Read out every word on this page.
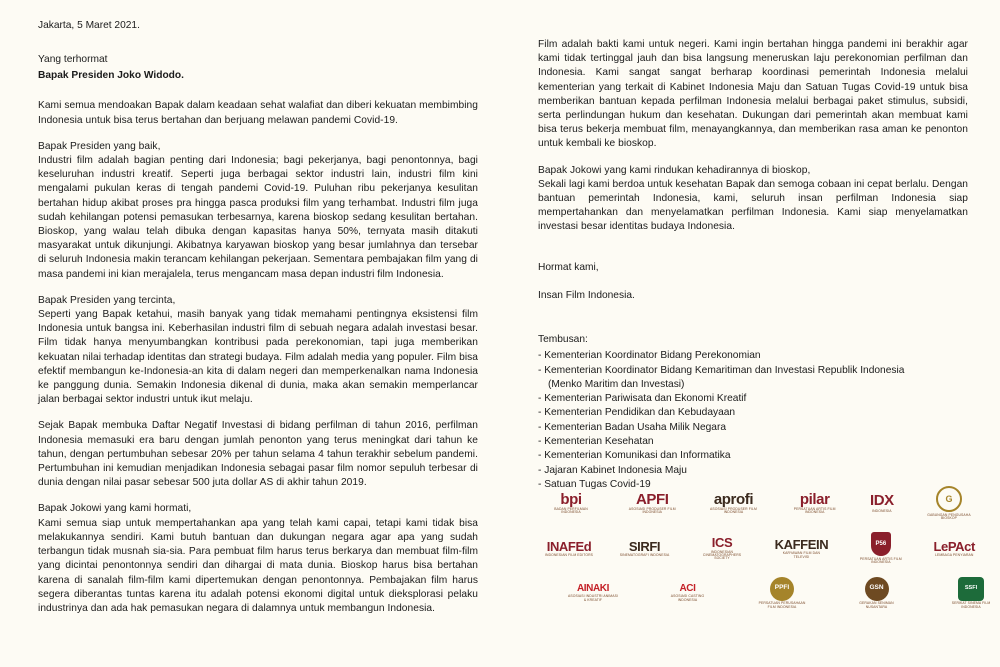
Jakarta, 5 Maret 2021.
Yang terhormat
Bapak Presiden Joko Widodo.

Kami semua mendoakan Bapak dalam keadaan sehat walafiat dan diberi kekuatan membimbing Indonesia untuk bisa terus bertahan dan berjuang melawan pandemi Covid-19.

Bapak Presiden yang baik,

Industri film adalah bagian penting dari Indonesia; bagi pekerjanya, bagi penontonnya, bagi keseluruhan industri kreatif. Seperti juga berbagai sektor industri lain, industri film kini mengalami pukulan keras di tengah pandemi Covid-19. Puluhan ribu pekerjanya kesulitan bertahan hidup akibat proses pra hingga pasca produksi film yang terhambat. Industri film juga sudah kehilangan potensi pemasukan terbesarnya, karena bioskop sedang kesulitan bertahan. Bioskop, yang walau telah dibuka dengan kapasitas hanya 50%, ternyata masih ditakuti masyarakat untuk dikunjungi. Akibatnya karyawan bioskop yang besar jumlahnya dan tersebar di seluruh Indonesia makin terancam kehilangan pekerjaan. Sementara pembajakan film yang di masa pandemi ini kian merajalela, terus mengancam masa depan industri film Indonesia.

Bapak Presiden yang tercinta,

Seperti yang Bapak ketahui, masih banyak yang tidak memahami pentingnya eksistensi film Indonesia untuk bangsa ini. Keberhasilan industri film di sebuah negara adalah investasi besar. Film tidak hanya menyumbangkan kontribusi pada perekonomian, tapi juga memberikan kekuatan nilai terhadap identitas dan strategi budaya. Film adalah media yang populer. Film bisa efektif membangun ke-Indonesia-an kita di dalam negeri dan memperkenalkan nama Indonesia ke panggung dunia. Semakin Indonesia dikenal di dunia, maka akan semakin memperlancar jalan berbagai sektor industri untuk ikut melaju.

Sejak Bapak membuka Daftar Negatif Investasi di bidang perfilman di tahun 2016, perfilman Indonesia memasuki era baru dengan jumlah penonton yang terus meningkat dari tahun ke tahun, dengan pertumbuhan sebesar 20% per tahun selama 4 tahun terakhir sebelum pandemi. Pertumbuhan ini kemudian menjadikan Indonesia sebagai pasar film nomor sepuluh terbesar di dunia dengan nilai pasar sebesar 500 juta dollar AS di akhir tahun 2019.

Bapak Jokowi yang kami hormati,

Kami semua siap untuk mempertahankan apa yang telah kami capai, tetapi kami tidak bisa melakukannya sendiri. Kami butuh bantuan dan dukungan negara agar apa yang sudah terbangun tidak musnah sia-sia. Para pembuat film harus terus berkarya dan membuat film-film yang dicintai penontonnya sendiri dan dihargai di mata dunia. Bioskop harus bisa bertahan karena di sanalah film-film kami dipertemukan dengan penontonnya. Pembajakan film harus segera diberantas tuntas karena itu adalah potensi ekonomi digital untuk dieksplorasi pelaku industrinya dan ada hak pemasukan negara di dalamnya untuk membangun Indonesia.

Film adalah bakti kami untuk negeri. Kami ingin bertahan hingga pandemi ini berakhir agar kami tidak tertinggal jauh dan bisa langsung meneruskan laju perekonomian perfilman dan Indonesia. Kami sangat sangat berharap koordinasi pemerintah Indonesia melalui kementerian yang terkait di Kabinet Indonesia Maju dan Satuan Tugas Covid-19 untuk bisa memberikan bantuan kepada perfilman Indonesia melalui berbagai paket stimulus, subsidi, serta perlindungan hukum dan kesehatan. Dukungan dari pemerintah akan membuat kami bisa terus bekerja membuat film, menayangkannya, dan memberikan rasa aman ke penonton untuk kembali ke bioskop.

Bapak Jokowi yang kami rindukan kehadirannya di bioskop,

Sekali lagi kami berdoa untuk kesehatan Bapak dan semoga cobaan ini cepat berlalu. Dengan bantuan pemerintah Indonesia, kami, seluruh insan perfilman Indonesia siap mempertahankan dan menyelamatkan perfilman Indonesia. Kami siap menyelamatkan investasi besar identitas budaya Indonesia.

Hormat kami,
Insan Film Indonesia.
Tembusan:
- Kementerian Koordinator Bidang Perekonomian
- Kementerian Koordinator Bidang Kemaritiman dan Investasi Republik Indonesia
(Menko Maritim dan Investasi)
- Kementerian Pariwisata dan Ekonomi Kreatif
- Kementerian Pendidikan dan Kebudayaan
- Kementerian Badan Usaha Milik Negara
- Kementerian Kesehatan
- Kementerian Komunikasi dan Informatika
- Jajaran Kabinet Indonesia Maju
- Satuan Tugas Covid-19
bpi
BADAN PERFILMAN INDONESIA
APFI
ASOSIASI PRODUSER FILM INDONESIA
aprofi
ASOSIASI PRODUSER FILM INDONESIA
pilar
PERSATUAN ARTIS FILM INDONESIA
IDX
INDONESIA
G
GABUNGAN PENGUSAHA BIOSKOP
INAFEd
INDONESIAN FILM EDITORS
SIRFI
SINEMATOGRAFI INDONESIA
ICS
INDONESIAN CINEMATOGRAPHERS SOCIETY
KAFFEIN
KARYAWAN FILM DAN TELEVISI
P56
PERSATUAN ARTIS FILM INDONESIA
LePAct
LEMBAGA PENYIARAN
AINAKI
ASOSIASI INDUSTRI ANIMASI & KREATIF
ACI
ASOSIASI CASTING INDONESIA
PPFI
PERSATUAN PERUSAHAAN FILM INDONESIA
GSN
GERAKAN SENIMAN NUSANTARA
SSFI
SERIKAT SINEMA FILM INDONESIA
